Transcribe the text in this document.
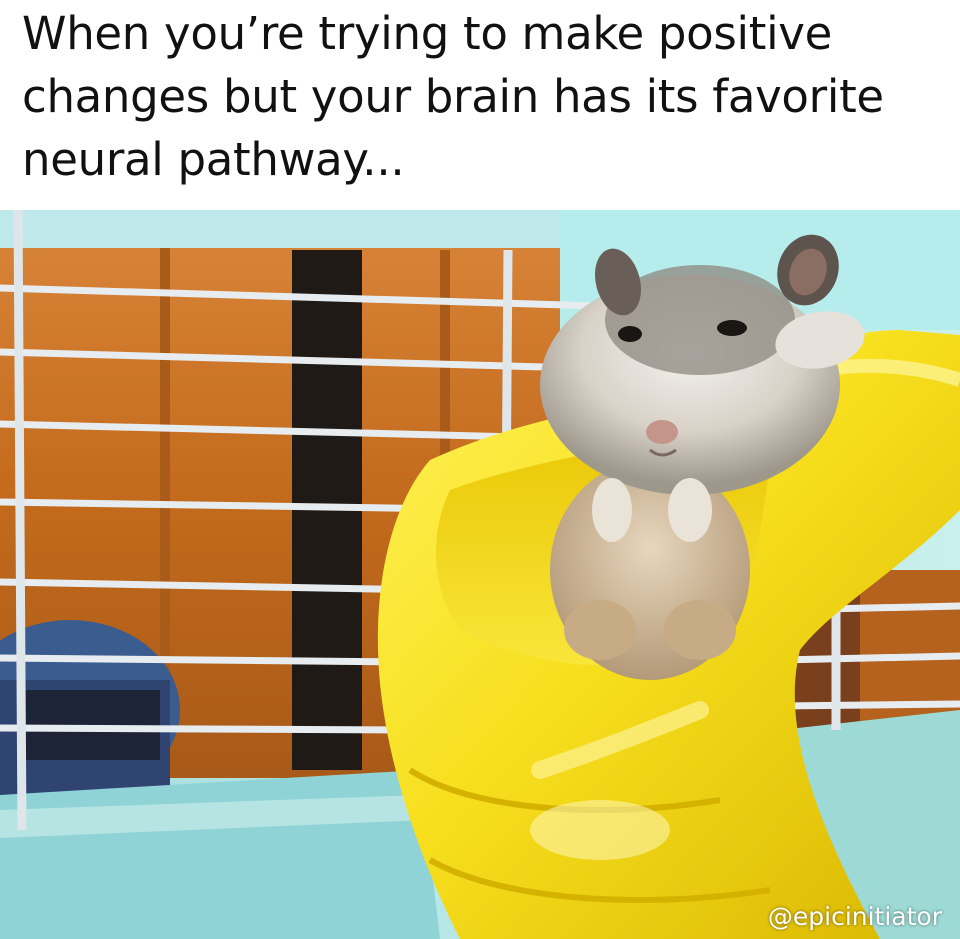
When you’re trying to make positive changes but your brain has its favorite neural pathway...

@epicinitiator
